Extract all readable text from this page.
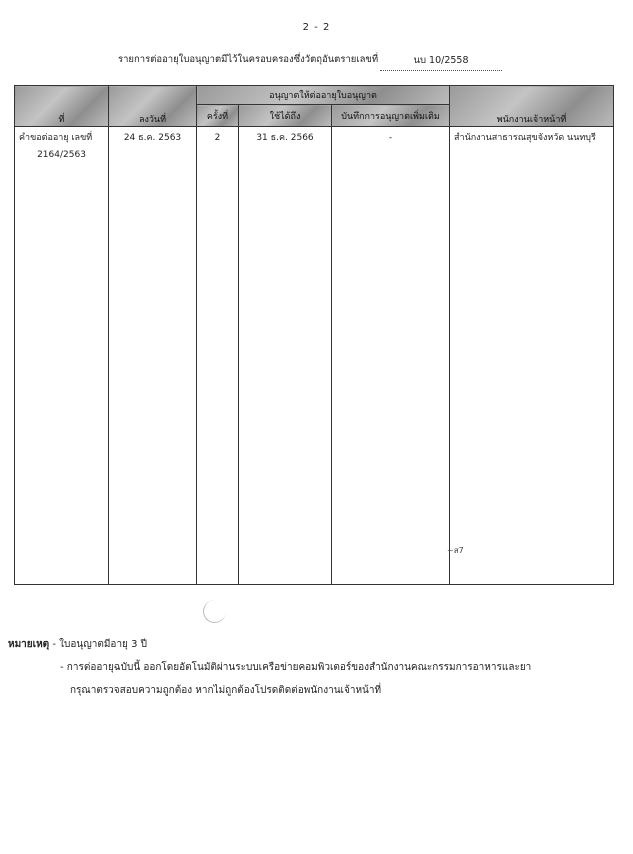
2 - 2
รายการต่ออายุใบอนุญาตมีไว้ในครอบครองซึ่งวัตถุอันตรายเลขที่	นบ 10/2558
ที่	ลงวันที่	อนุญาตให้ต่ออายุใบอนุญาต			พนักงานเจ้าหน้าที่
		ครั้งที่	ใช้ได้ถึง	บันทึกการอนุญาตเพิ่มเติม	

คำขอต่ออายุ เลขที่
2164/2563	24 ธ.ค. 2563	2	31 ธ.ค. 2566	-	สำนักงานสาธารณสุขจังหวัด นนทบุรี
~ส7
หมายเหตุ - ใบอนุญาตมีอายุ 3 ปี
- การต่ออายุฉบับนี้ ออกโดยอัตโนมัติผ่านระบบเครือข่ายคอมพิวเตอร์ของสำนักงานคณะกรรมการอาหารและยา
กรุณาตรวจสอบความถูกต้อง หากไม่ถูกต้องโปรดติดต่อพนักงานเจ้าหน้าที่
